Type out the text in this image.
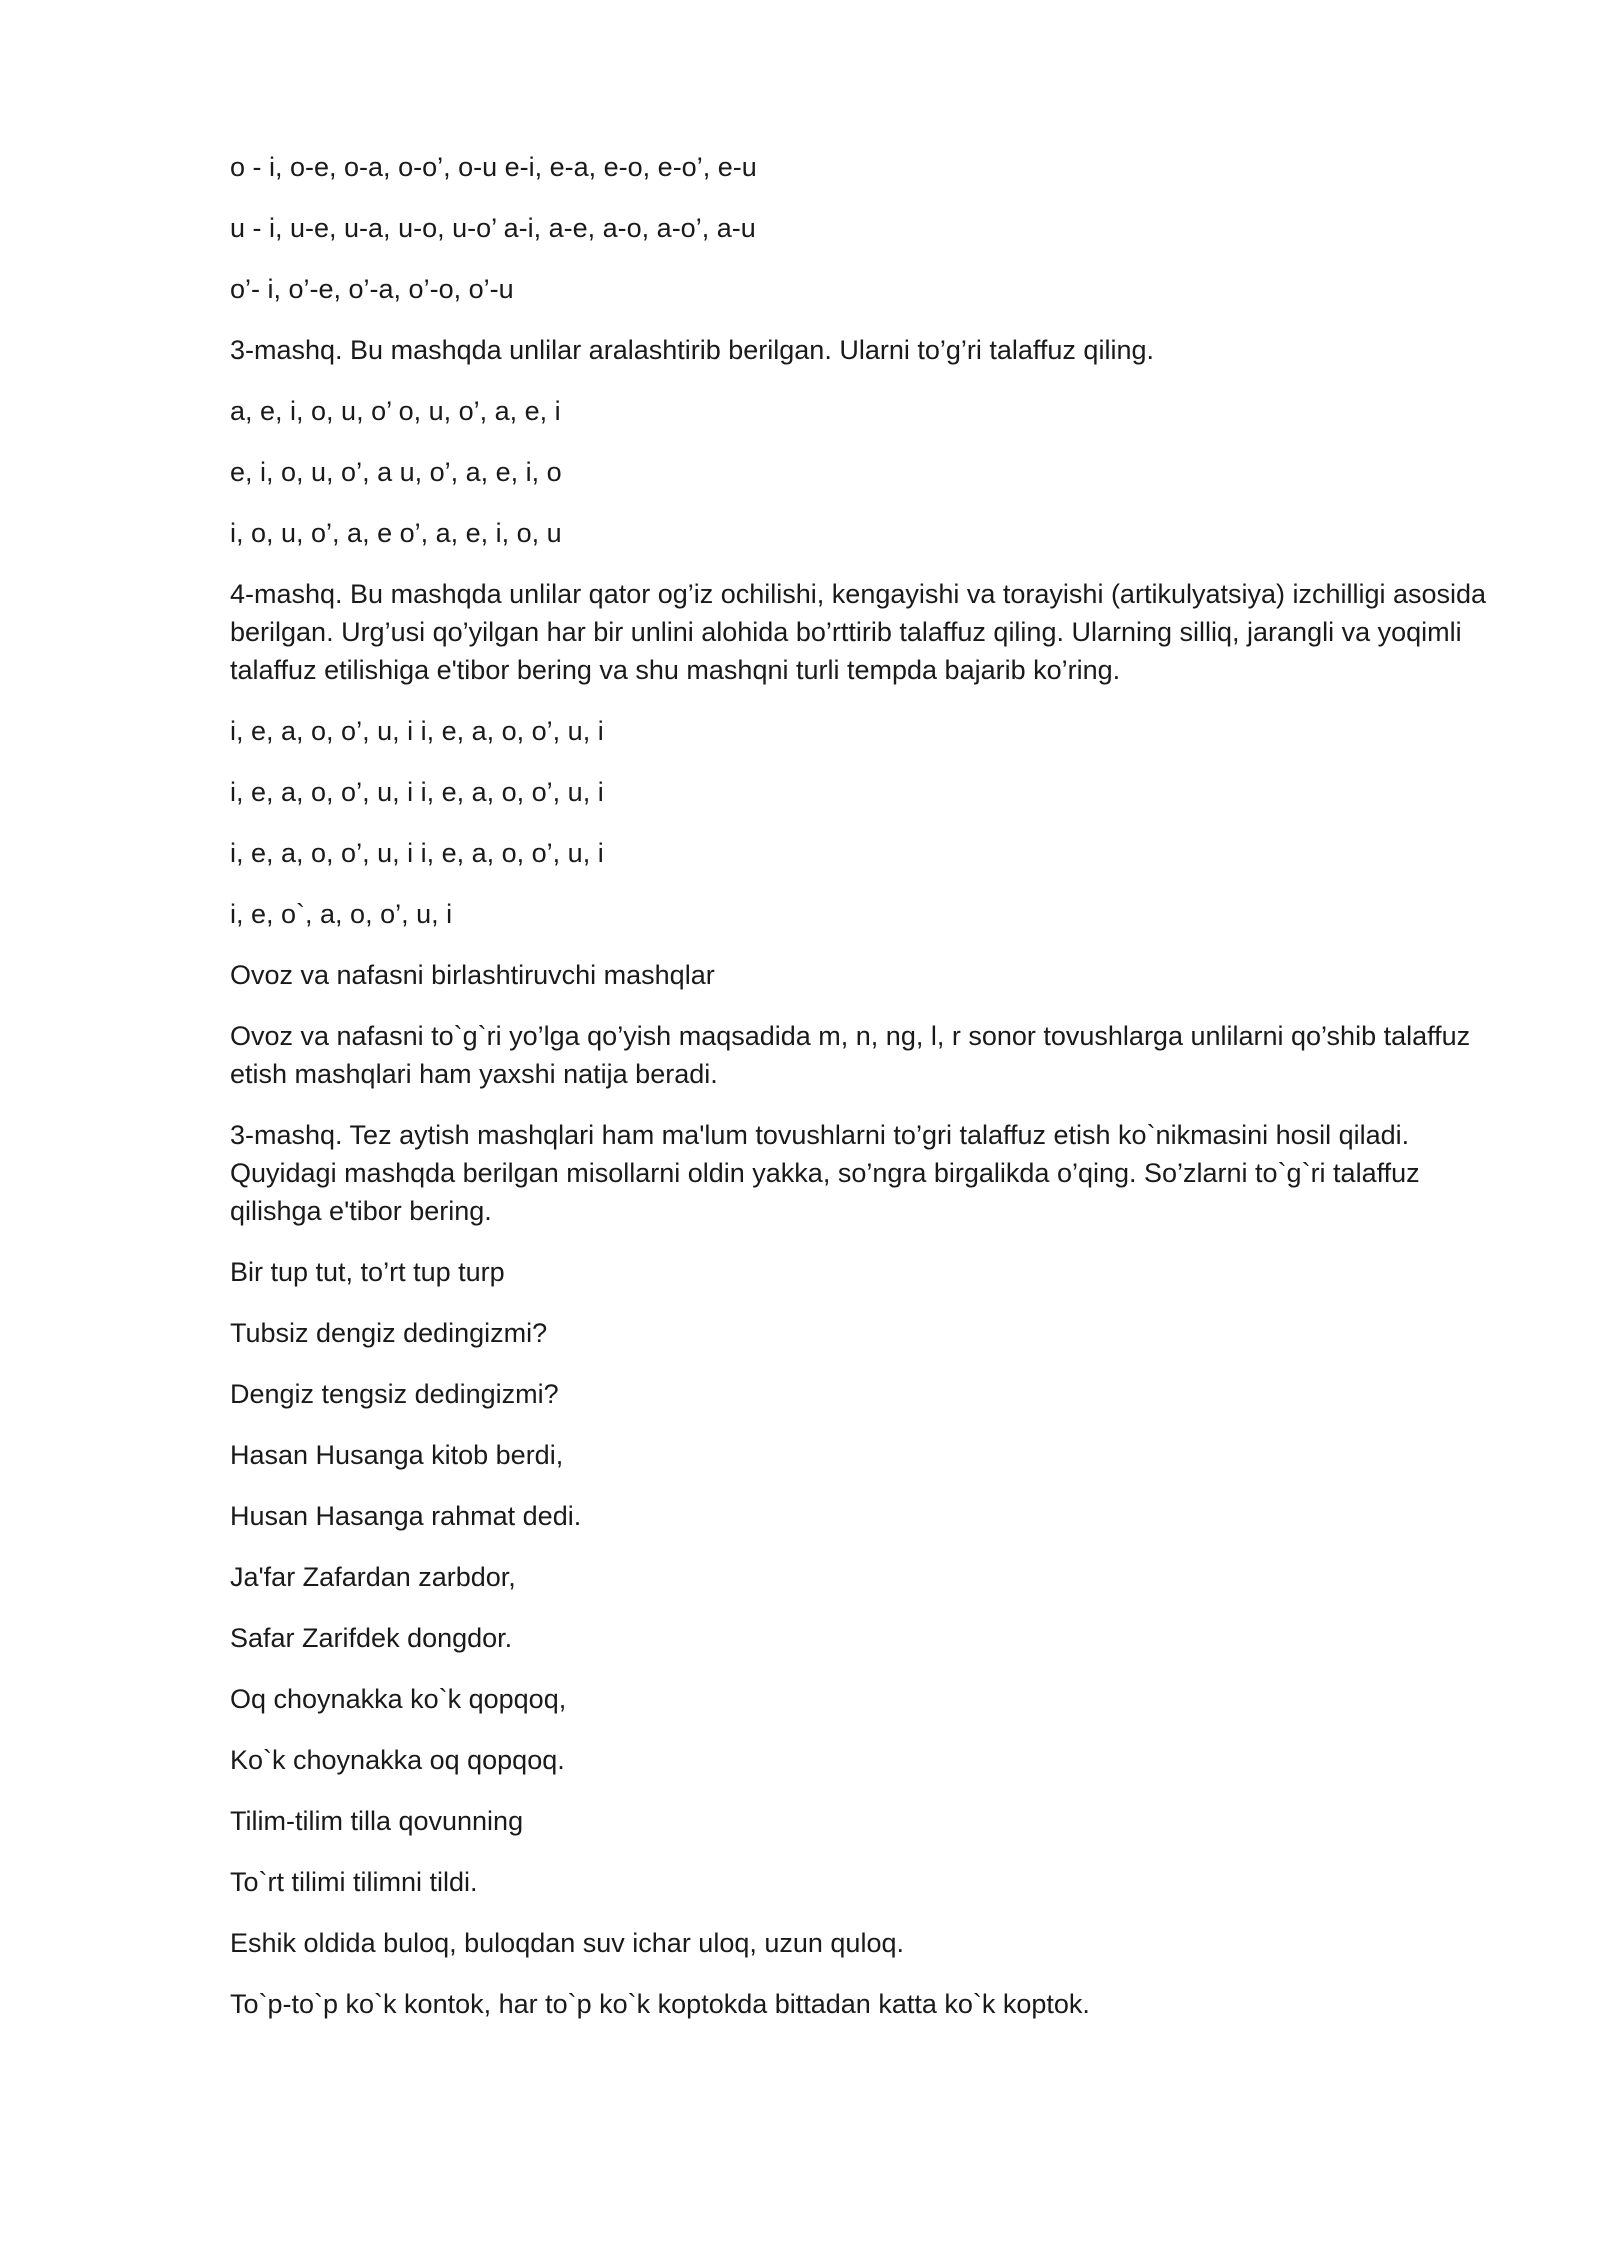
o - i, o-e, o-a, o-o’, o-u e-i, e-a, e-o, e-o’, e-u

u - i, u-e, u-a, u-o, u-o’ a-i, a-e, a-o, a-o’, a-u

o’- i, o’-e, o’-a, o’-o, o’-u

3-mashq. Bu mashqda unlilar aralashtirib berilgan. Ularni to’g’ri talaffuz qiling.

a, e, i, o, u, o’ o, u, o’, a, e, i

e, i, o, u, o’, a u, o’, a, e, i, o

i, o, u, o’, a, e o’, a, e, i, o, u

4-mashq. Bu mashqda unlilar qator og’iz ochilishi, kengayishi va torayishi (artikulyatsiya) izchilligi asosida berilgan. Urg’usi qo’yilgan har bir unlini alohida bo’rttirib talaffuz qiling. Ularning silliq, jarangli va yoqimli talaffuz etilishiga e'tibor bering va shu mashqni turli tempda bajarib ko’ring.

i, e, a, o, o’, u, i i, e, a, o, o’, u, i

i, e, a, o, o’, u, i i, e, a, o, o’, u, i

i, e, a, o, o’, u, i i, e, a, o, o’, u, i

i, e, o`, a, o, o’, u, i

Ovoz va nafasni birlashtiruvchi mashqlar

Ovoz va nafasni to`g`ri yo’lga qo’yish maqsadida m, n, ng, l, r sonor tovushlarga unlilarni qo’shib talaffuz etish mashqlari ham yaxshi natija beradi.

3-mashq. Tez aytish mashqlari ham ma'lum tovushlarni to’gri talaffuz etish ko`nikmasini hosil qiladi. Quyidagi mashqda berilgan misollarni oldin yakka, so’ngra birgalikda o’qing. So’zlarni to`g`ri talaffuz qilishga e'tibor bering.

Bir tup tut, to’rt tup turp

Tubsiz dengiz dedingizmi?

Dengiz tengsiz dedingizmi?

Hasan Husanga kitob berdi,

Husan Hasanga rahmat dedi.

Ja'far Zafardan zarbdor,

Safar Zarifdek dongdor.

Oq choynakka ko`k qopqoq,

Ko`k choynakka oq qopqoq.

Tilim-tilim tilla qovunning

To`rt tilimi tilimni tildi.

Eshik oldida buloq, buloqdan suv ichar uloq, uzun quloq.

To`p-to`p ko`k kontok, har to`p ko`k koptokda bittadan katta ko`k koptok.
